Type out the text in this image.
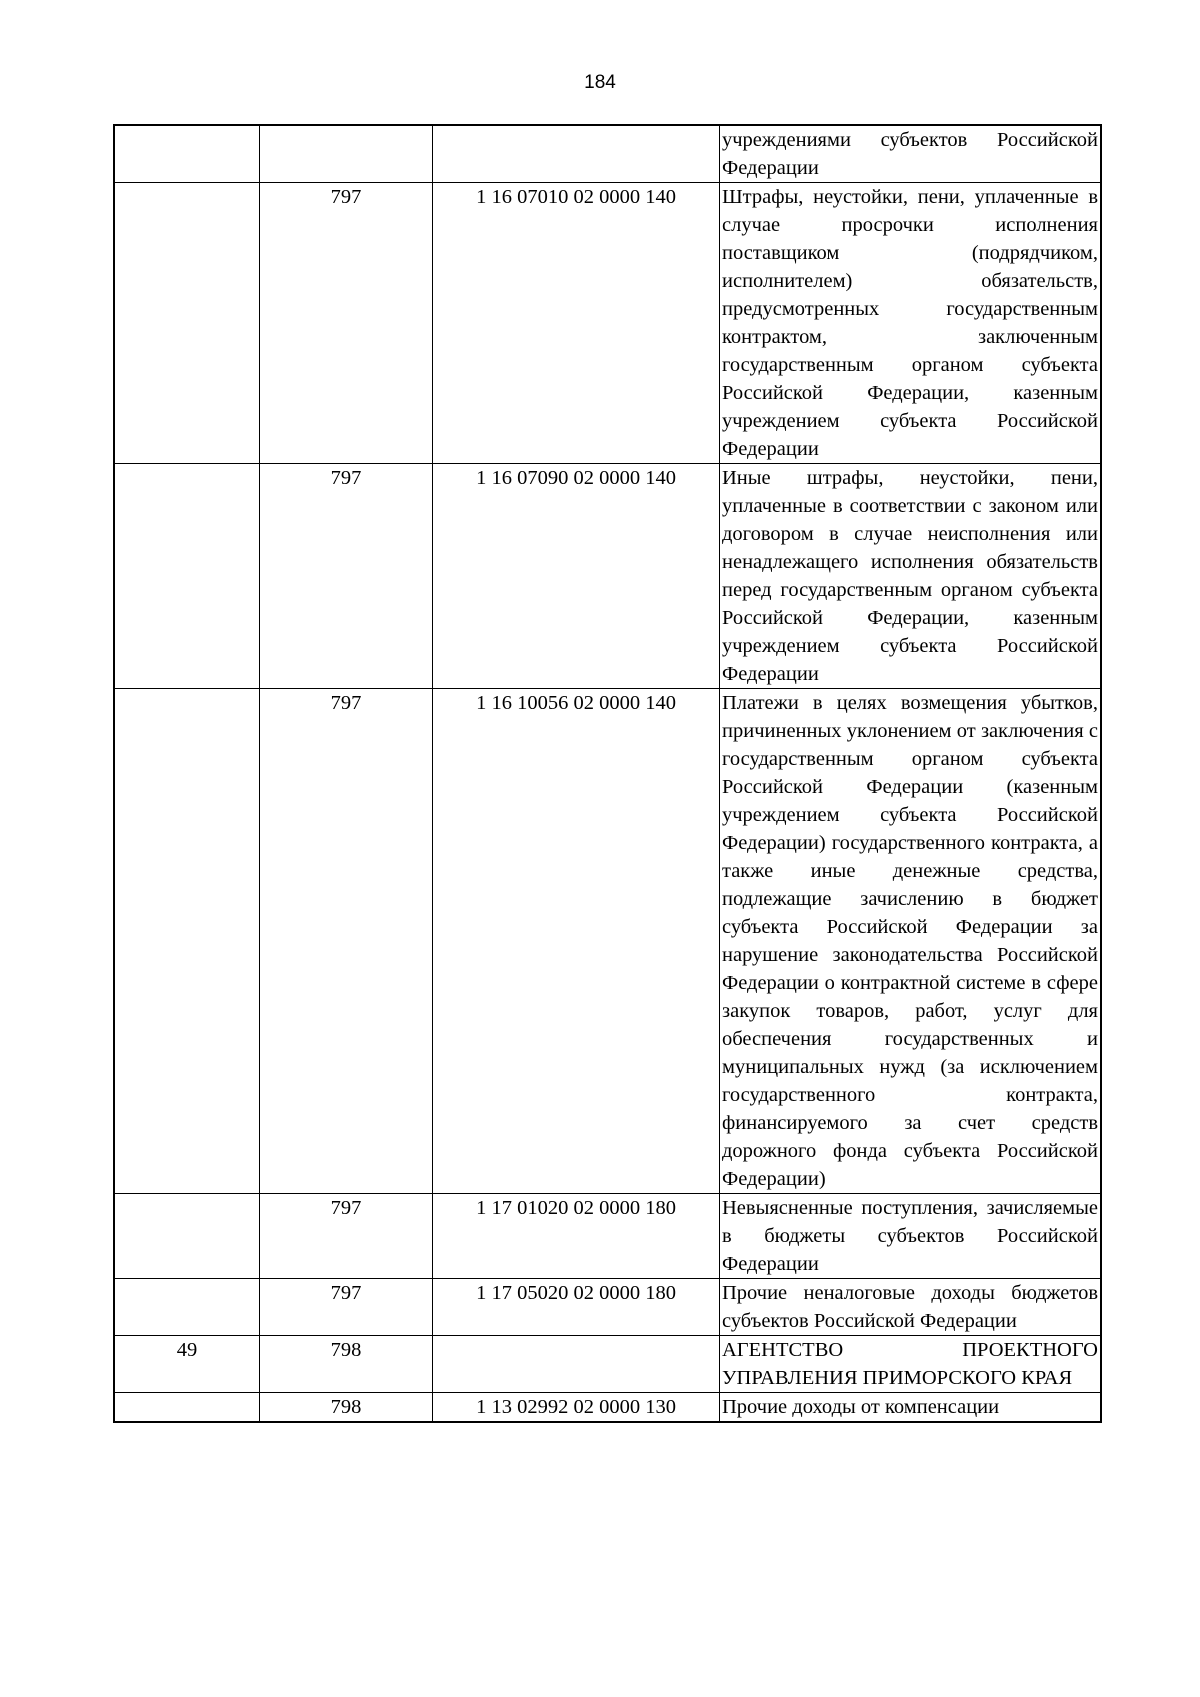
184
			учреждениями субъектов Российской Федерации
	797	1 16 07010 02 0000 140	Штрафы, неустойки, пени, уплаченные в случае просрочки исполнения поставщиком (подрядчиком, исполнителем) обязательств, предусмотренных государственным контрактом, заключенным государственным органом субъекта Российской Федерации, казенным учреждением субъекта Российской Федерации
	797	1 16 07090 02 0000 140	Иные штрафы, неустойки, пени, уплаченные в соответствии с законом или договором в случае неисполнения или ненадлежащего исполнения обязательств перед государственным органом субъекта Российской Федерации, казенным учреждением субъекта Российской Федерации
	797	1 16 10056 02 0000 140	Платежи в целях возмещения убытков, причиненных уклонением от заключения с государственным органом субъекта Российской Федерации (казенным учреждением субъекта Российской Федерации) государственного контракта, а также иные денежные средства, подлежащие зачислению в бюджет субъекта Российской Федерации за нарушение законодательства Российской Федерации о контрактной системе в сфере закупок товаров, работ, услуг для обеспечения государственных и муниципальных нужд (за исключением государственного контракта, финансируемого за счет средств дорожного фонда субъекта Российской Федерации)
	797	1 17 01020 02 0000 180	Невыясненные поступления, зачисляемые в бюджеты субъектов Российской Федерации
	797	1 17 05020 02 0000 180	Прочие неналоговые доходы бюджетов субъектов Российской Федерации
49	798		АГЕНТСТВО ПРОЕКТНОГО УПРАВЛЕНИЯ ПРИМОРСКОГО КРАЯ
	798	1 13 02992 02 0000 130	Прочие доходы от компенсации
